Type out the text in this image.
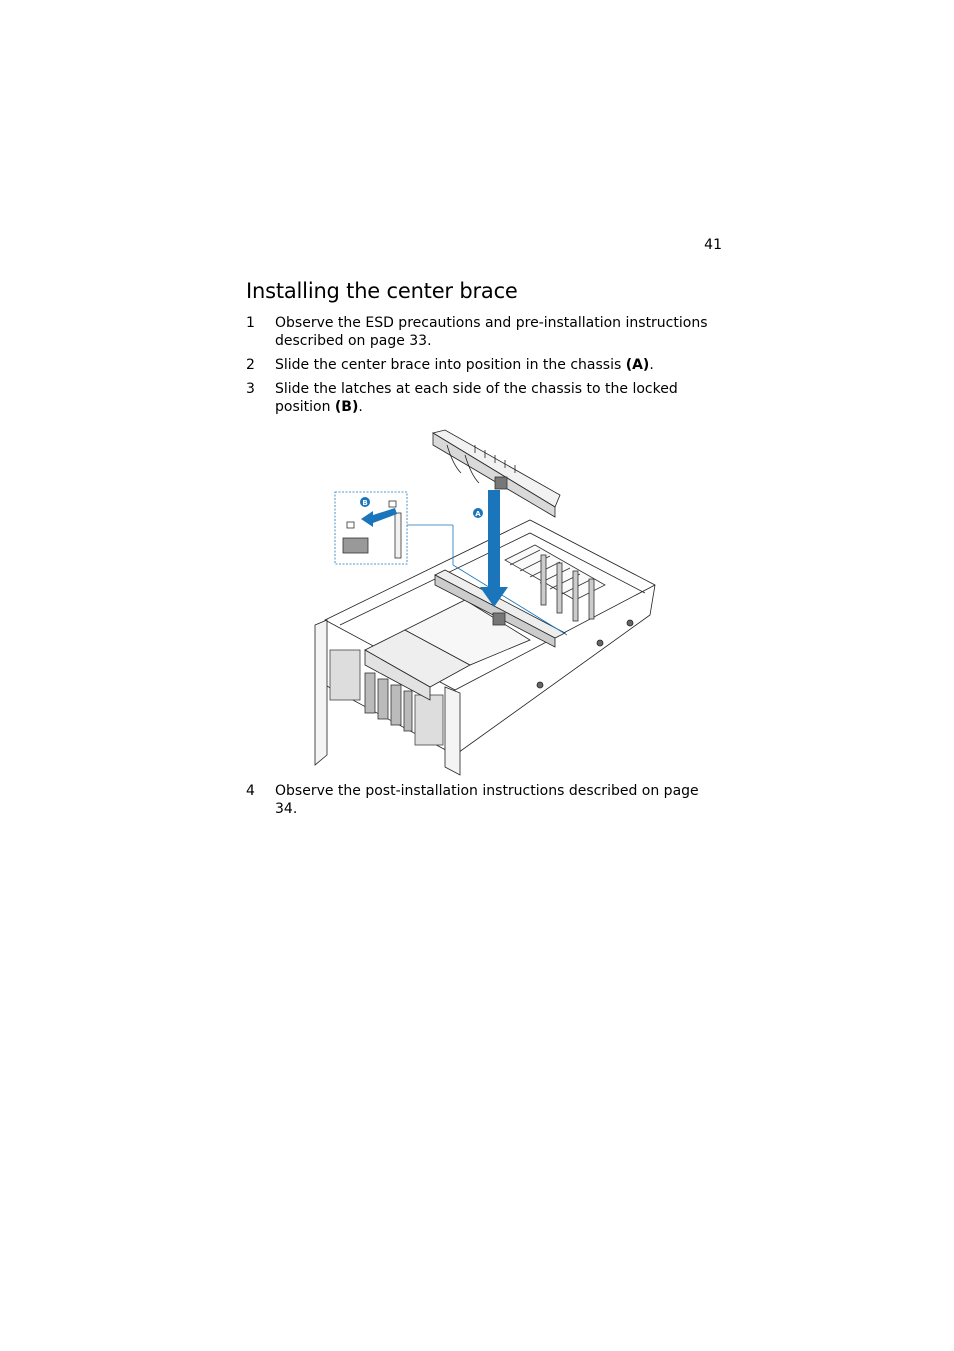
41
Installing the center brace
1 Observe the ESD precautions and pre-installation instructions described on page 33.
2 Slide the center brace into position in the chassis (A).
3 Slide the latches at each side of the chassis to the locked position (B).
A
B
4 Observe the post-installation instructions described on page 34.
